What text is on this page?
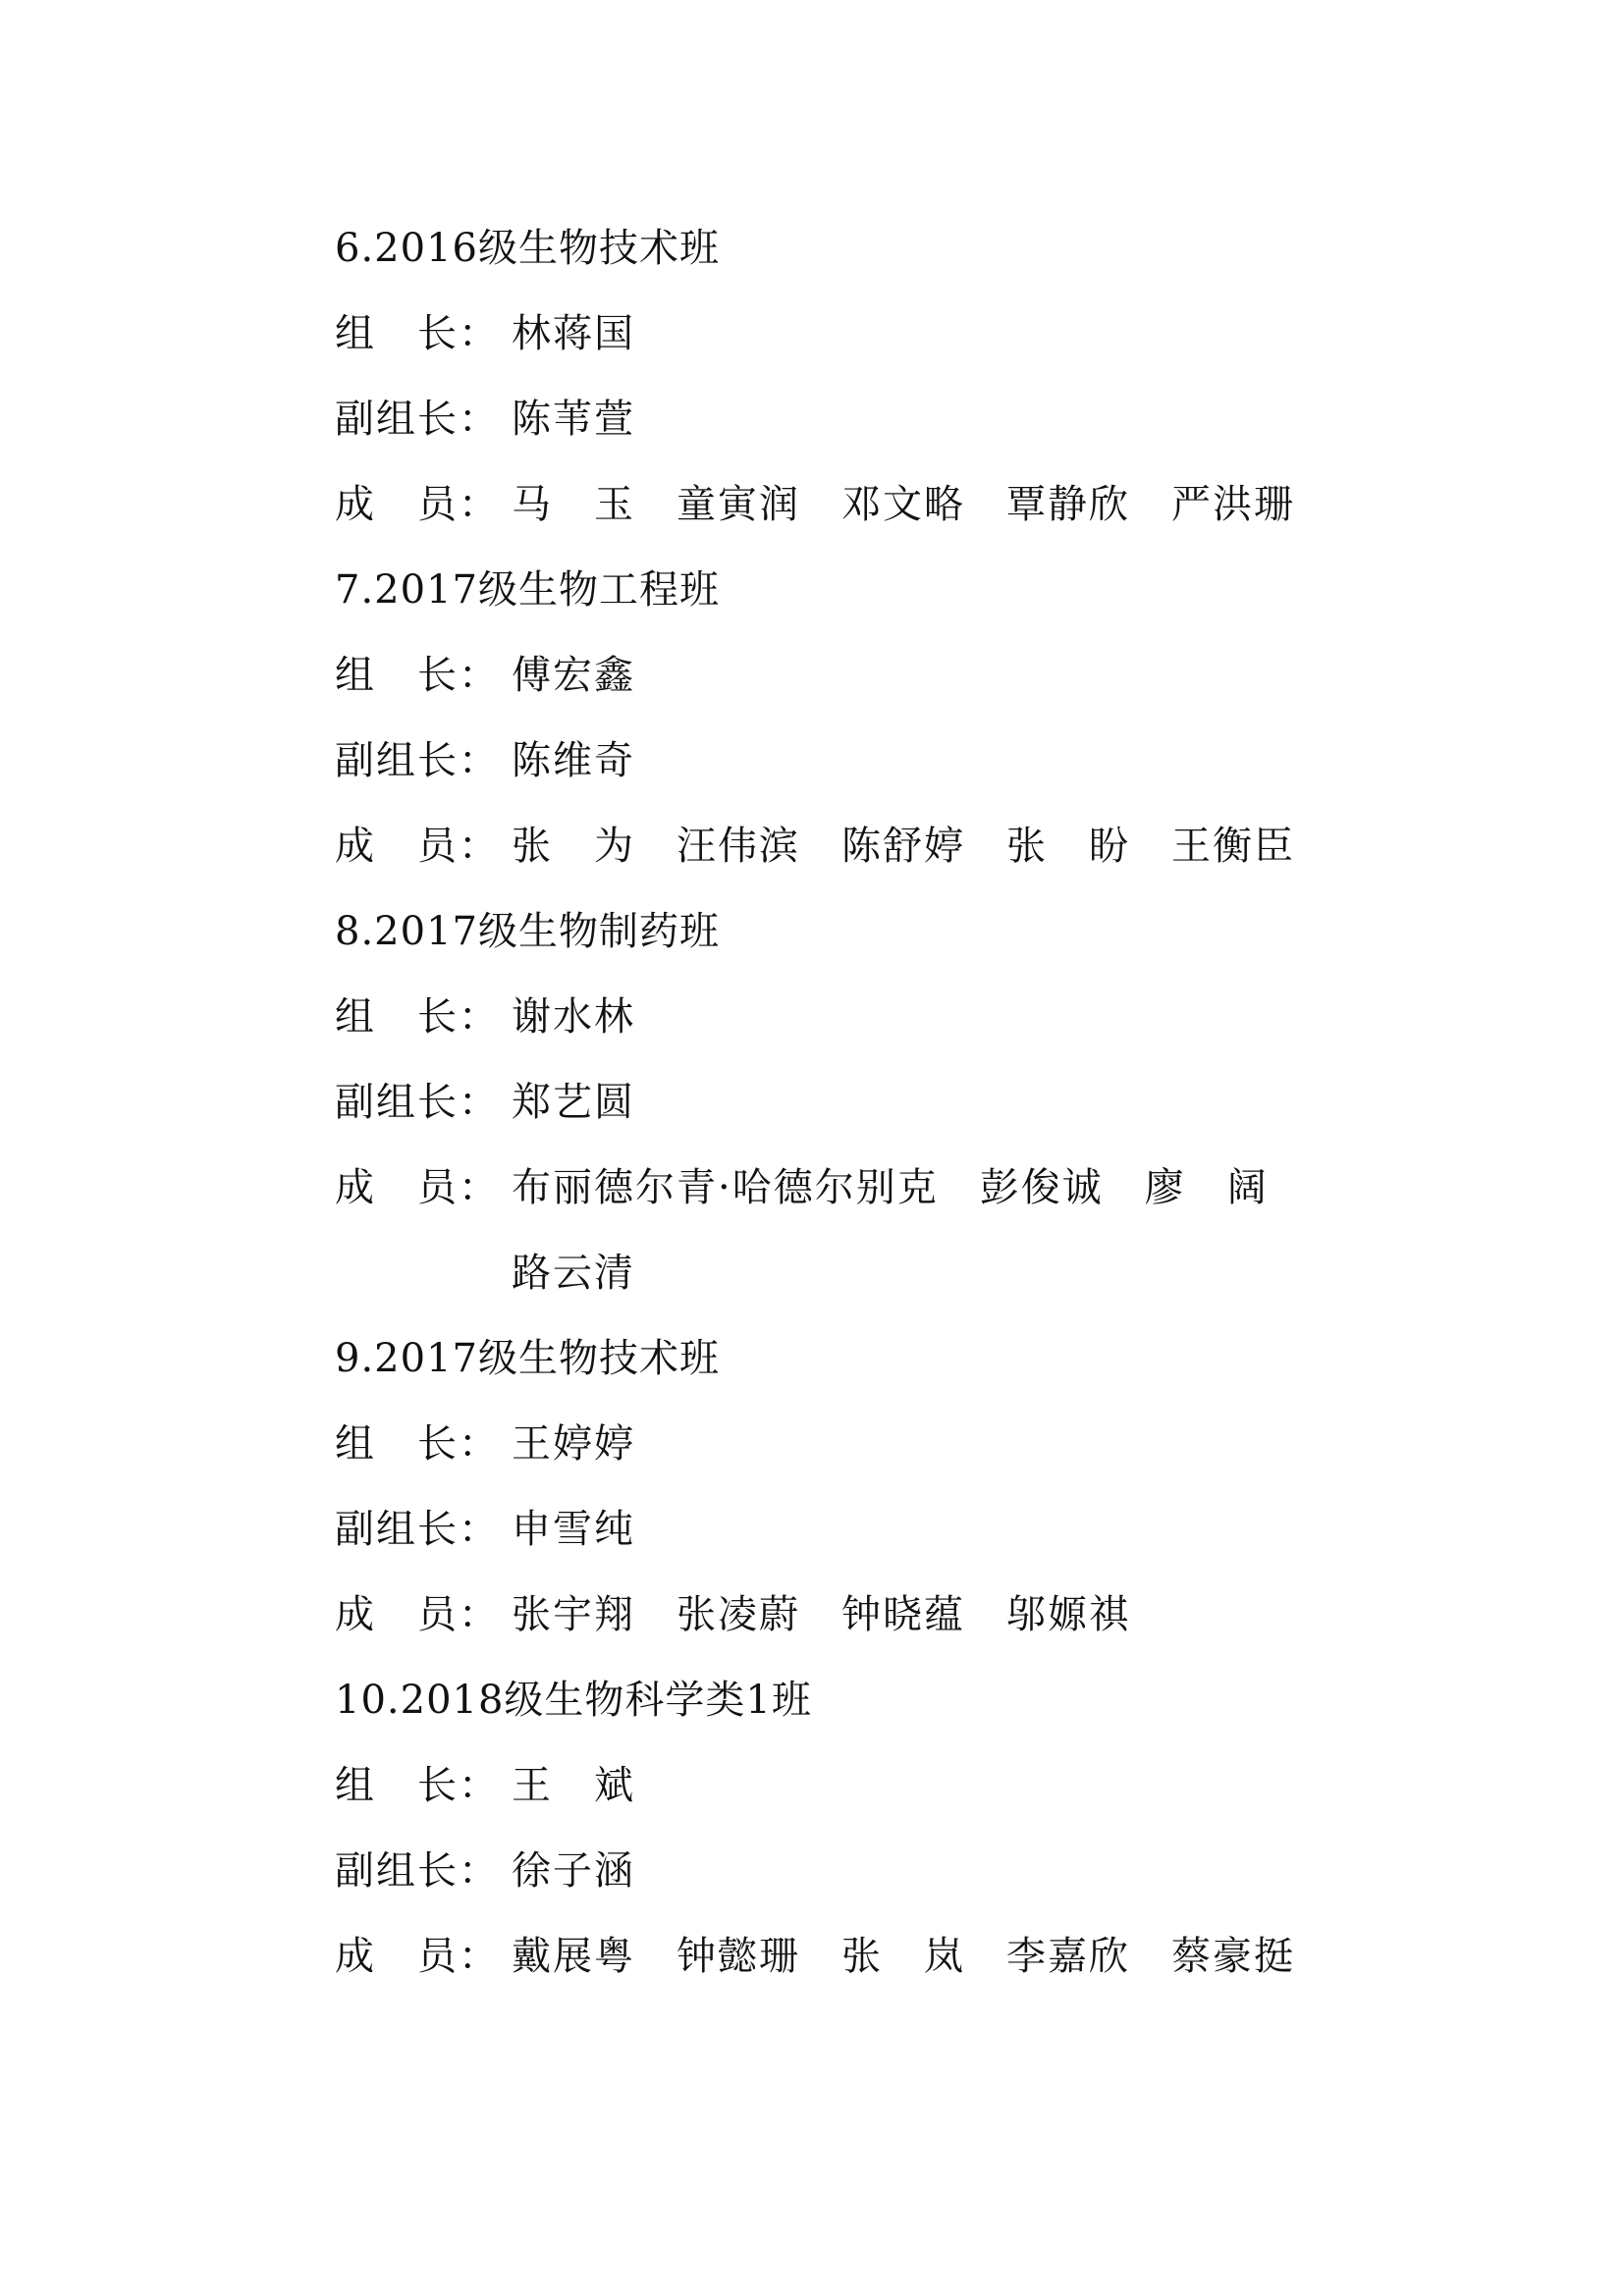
6.2016级生物技术班
组　长： 林蒋国
副组长： 陈苇萱
成　员： 马　玉　童寅润　邓文略　覃静欣　严洪珊
7.2017级生物工程班
组　长： 傅宏鑫
副组长： 陈维奇
成　员： 张　为　汪伟滨　陈舒婷　张　盼　王衡臣
8.2017级生物制药班
组　长： 谢水林
副组长： 郑艺圆
成　员： 布丽德尔青·哈德尔别克　彭俊诚　廖　阔
路云清
9.2017级生物技术班
组　长： 王婷婷
副组长： 申雪纯
成　员： 张宇翔　张凌蔚　钟晓蕴　邬嫄祺
10.2018级生物科学类1班
组　长： 王　斌
副组长： 徐子涵
成　员： 戴展粤　钟懿珊　张　岚　李嘉欣　蔡豪挺
